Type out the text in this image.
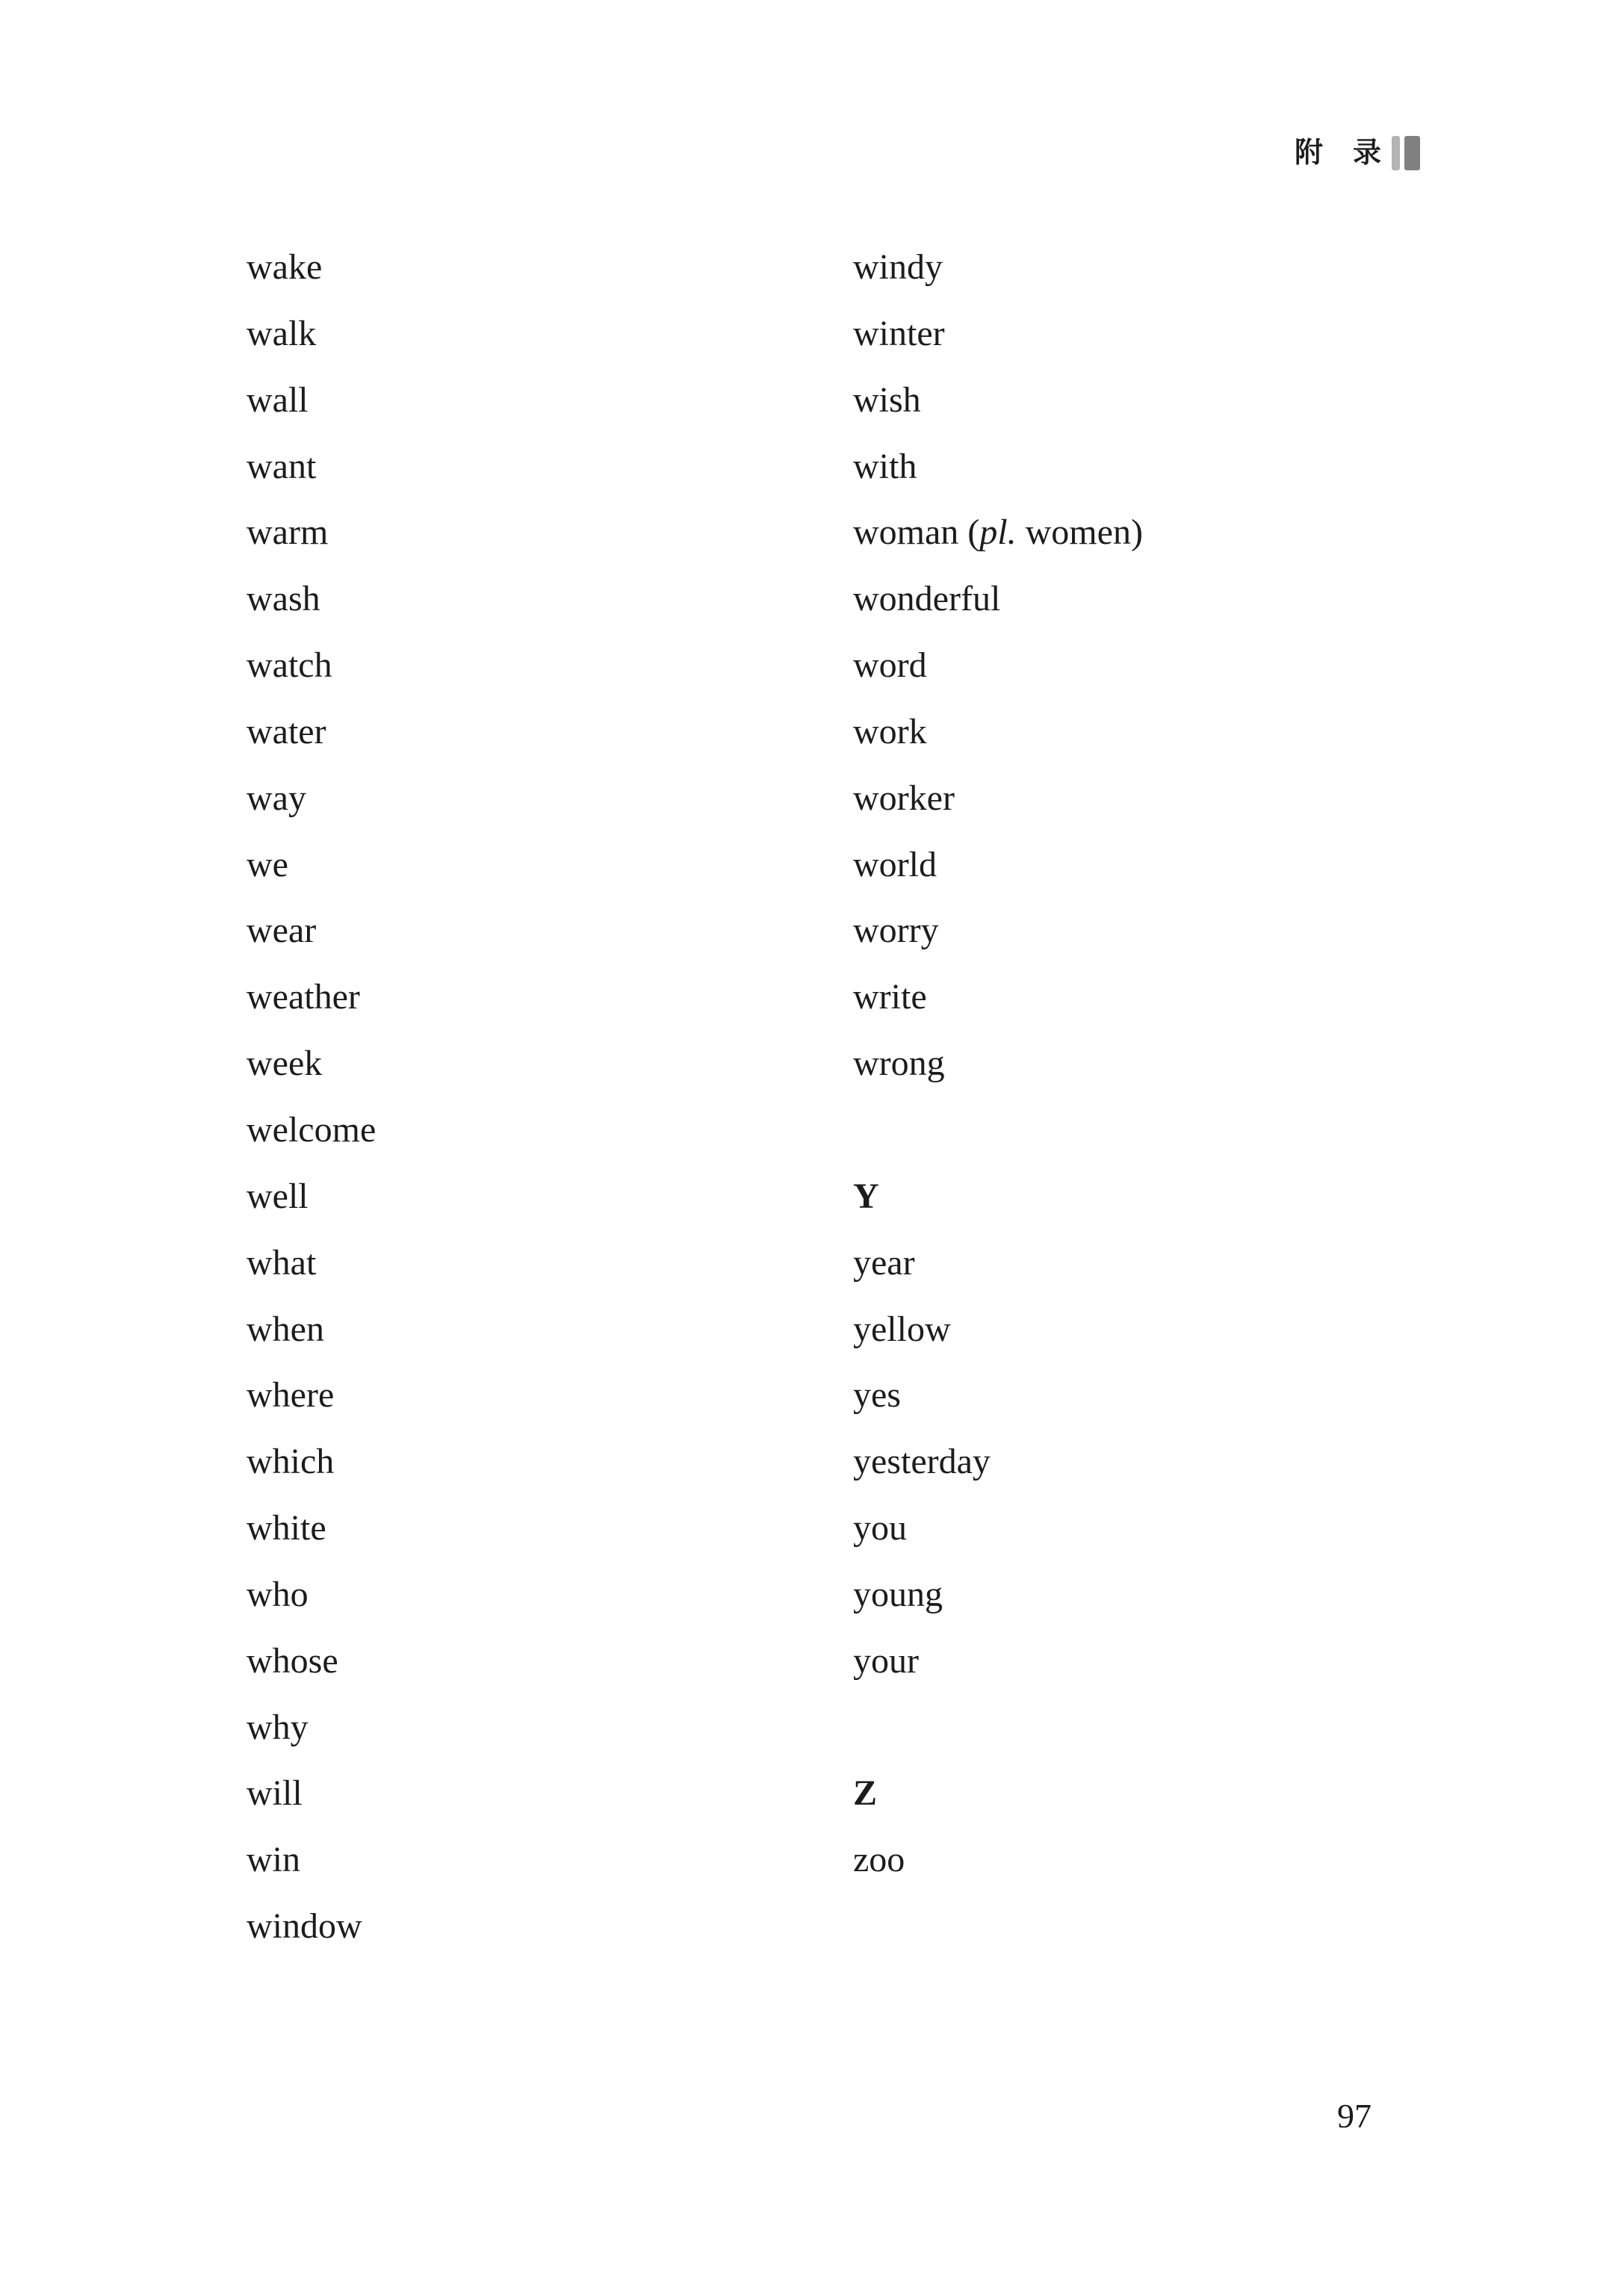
附　录
wake	windy
walk	winter
wall	wish
want	with
warm	woman (pl. women)
wash	wonderful
watch	word
water	work
way	worker
we	world
wear	worry
weather	write
week	wrong
welcome
well	Y
what	year
when	yellow
where	yes
which	yesterday
white	you
who	young
whose	your
why
will	Z
win	zoo
window
97
